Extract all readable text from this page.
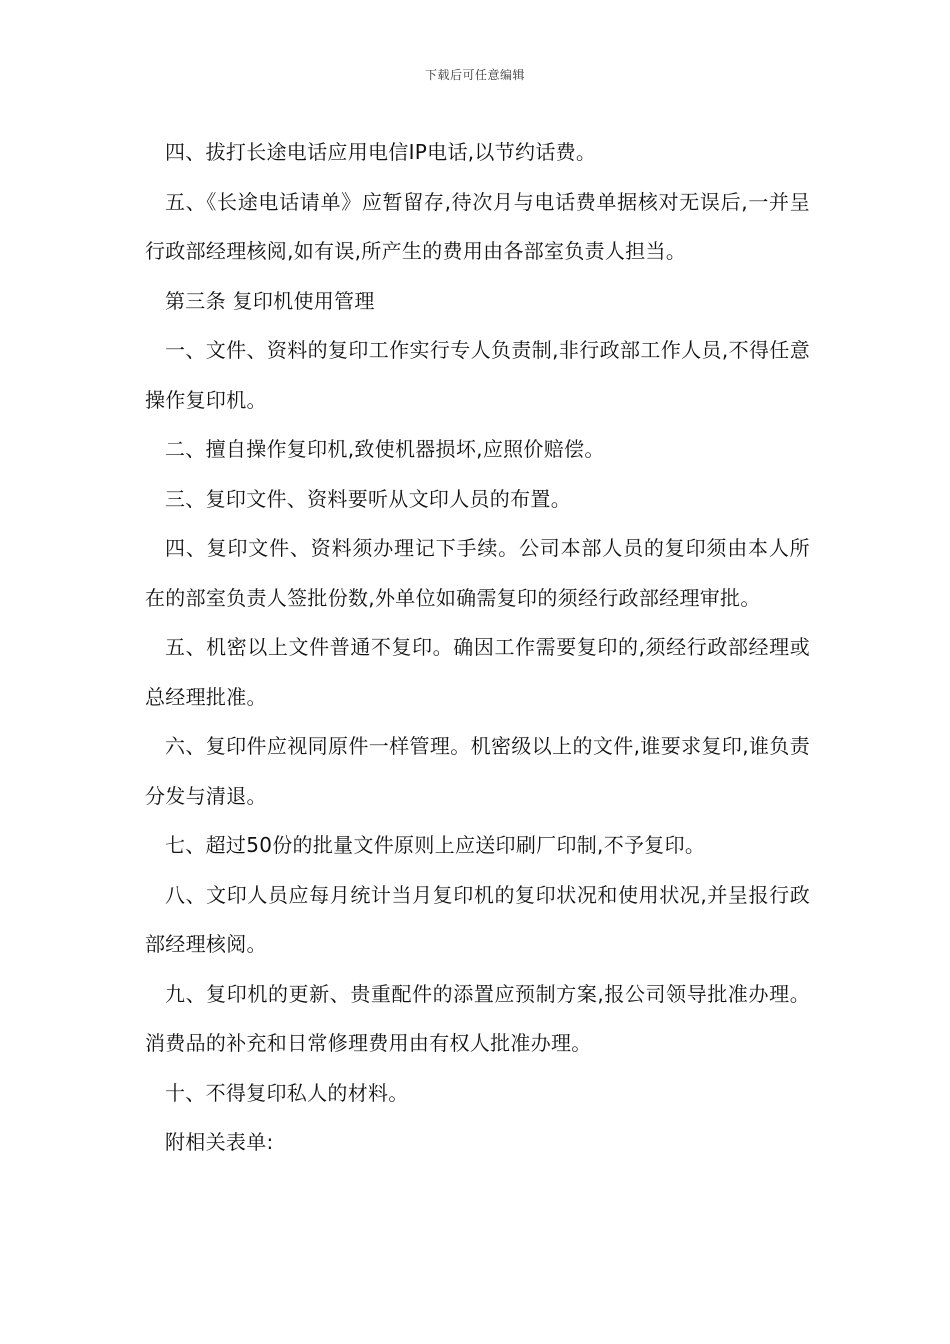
下载后可任意编辑

四、拔打长途电话应用电信IP电话,以节约话费。

五、《长途电话请单》应暂留存,待次月与电话费单据核对无误后,一并呈行政部经理核阅,如有误,所产生的费用由各部室负责人担当。

第三条 复印机使用管理

一、文件、资料的复印工作实行专人负责制,非行政部工作人员,不得任意操作复印机。

二、擅自操作复印机,致使机器损坏,应照价赔偿。

三、复印文件、资料要听从文印人员的布置。

四、复印文件、资料须办理记下手续。公司本部人员的复印须由本人所在的部室负责人签批份数,外单位如确需复印的须经行政部经理审批。

五、机密以上文件普通不复印。确因工作需要复印的,须经行政部经理或总经理批准。

六、复印件应视同原件一样管理。机密级以上的文件,谁要求复印,谁负责分发与清退。

七、超过50份的批量文件原则上应送印刷厂印制,不予复印。

八、文印人员应每月统计当月复印机的复印状况和使用状况,并呈报行政部经理核阅。

九、复印机的更新、贵重配件的添置应预制方案,报公司领导批准办理。消费品的补充和日常修理费用由有权人批准办理。

十、不得复印私人的材料。

附相关表单:
